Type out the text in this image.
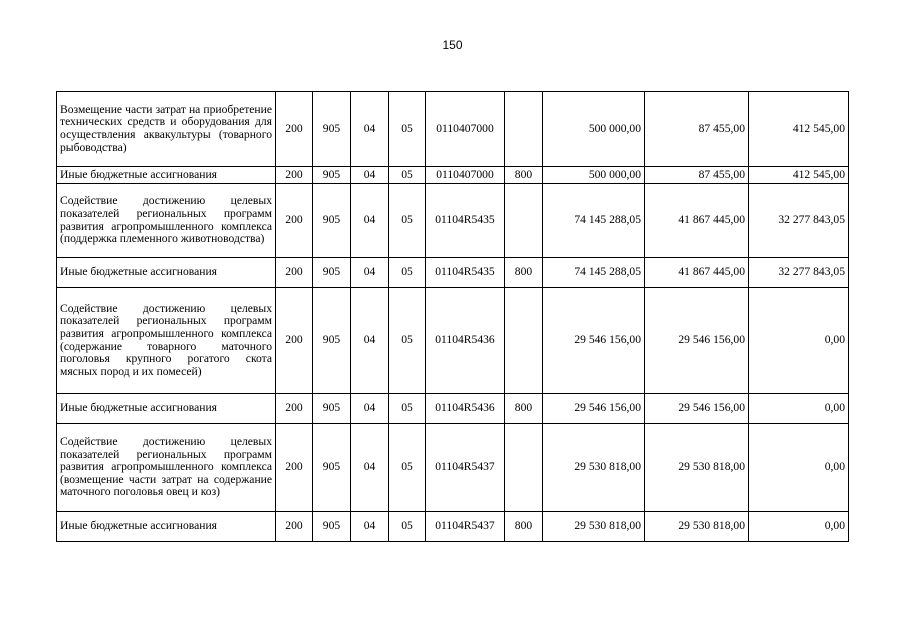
150
Возмещение части затрат на приобретение технических средств и оборудования для осуществления аквакультуры (товарного рыбоводства)	200	905	04	05	0110407000		500 000,00	87 455,00	412 545,00
Иные бюджетные ассигнования	200	905	04	05	0110407000	800	500 000,00	87 455,00	412 545,00
Содействие достижению целевых показателей региональных программ развития агропромышленного комплекса (поддержка племенного животноводства)	200	905	04	05	01104R5435		74 145 288,05	41 867 445,00	32 277 843,05
Иные бюджетные ассигнования	200	905	04	05	01104R5435	800	74 145 288,05	41 867 445,00	32 277 843,05
Содействие достижению целевых показателей региональных программ развития агропромышленного комплекса (содержание товарного маточного поголовья крупного рогатого скота мясных пород и их помесей)	200	905	04	05	01104R5436		29 546 156,00	29 546 156,00	0,00
Иные бюджетные ассигнования	200	905	04	05	01104R5436	800	29 546 156,00	29 546 156,00	0,00
Содействие достижению целевых показателей региональных программ развития агропромышленного комплекса (возмещение части затрат на содержание маточного поголовья овец и коз)	200	905	04	05	01104R5437		29 530 818,00	29 530 818,00	0,00
Иные бюджетные ассигнования	200	905	04	05	01104R5437	800	29 530 818,00	29 530 818,00	0,00
